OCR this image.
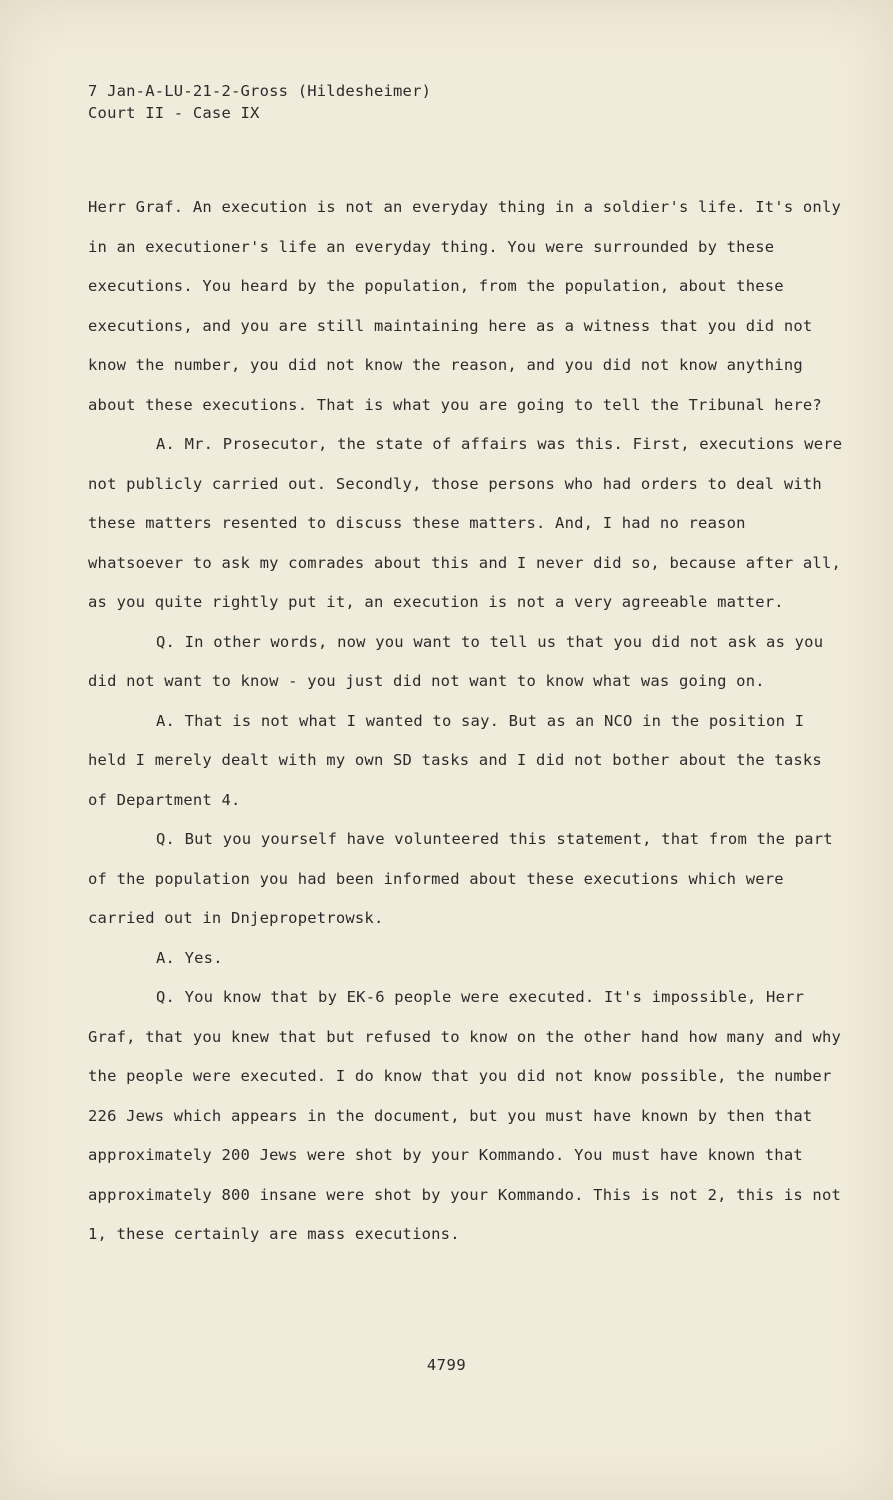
7 Jan-A-LU-21-2-Gross (Hildesheimer)
Court II - Case IX

Herr Graf. An execution is not an everyday thing in a soldier's life. It's only in an executioner's life an everyday thing. You were surrounded by these executions. You heard by the population, from the population, about these executions, and you are still maintaining here as a witness that you did not know the number, you did not know the reason, and you did not know anything about these executions. That is what you are going to tell the Tribunal here?

A. Mr. Prosecutor, the state of affairs was this. First, executions were not publicly carried out. Secondly, those persons who had orders to deal with these matters resented to discuss these matters. And, I had no reason whatsoever to ask my comrades about this and I never did so, because after all, as you quite rightly put it, an execution is not a very agreeable matter.

Q. In other words, now you want to tell us that you did not ask as you did not want to know - you just did not want to know what was going on.

A. That is not what I wanted to say. But as an NCO in the position I held I merely dealt with my own SD tasks and I did not bother about the tasks of Department 4.

Q. But you yourself have volunteered this statement, that from the part of the population you had been informed about these executions which were carried out in Dnjepropetrowsk.

A. Yes.

Q. You know that by EK-6 people were executed. It's impossible, Herr Graf, that you knew that but refused to know on the other hand how many and why the people were executed. I do know that you did not know possible, the number 226 Jews which appears in the document, but you must have known by then that approximately 200 Jews were shot by your Kommando. You must have known that approximately 800 insane were shot by your Kommando. This is not 2, this is not 1, these certainly are mass executions.

4799
